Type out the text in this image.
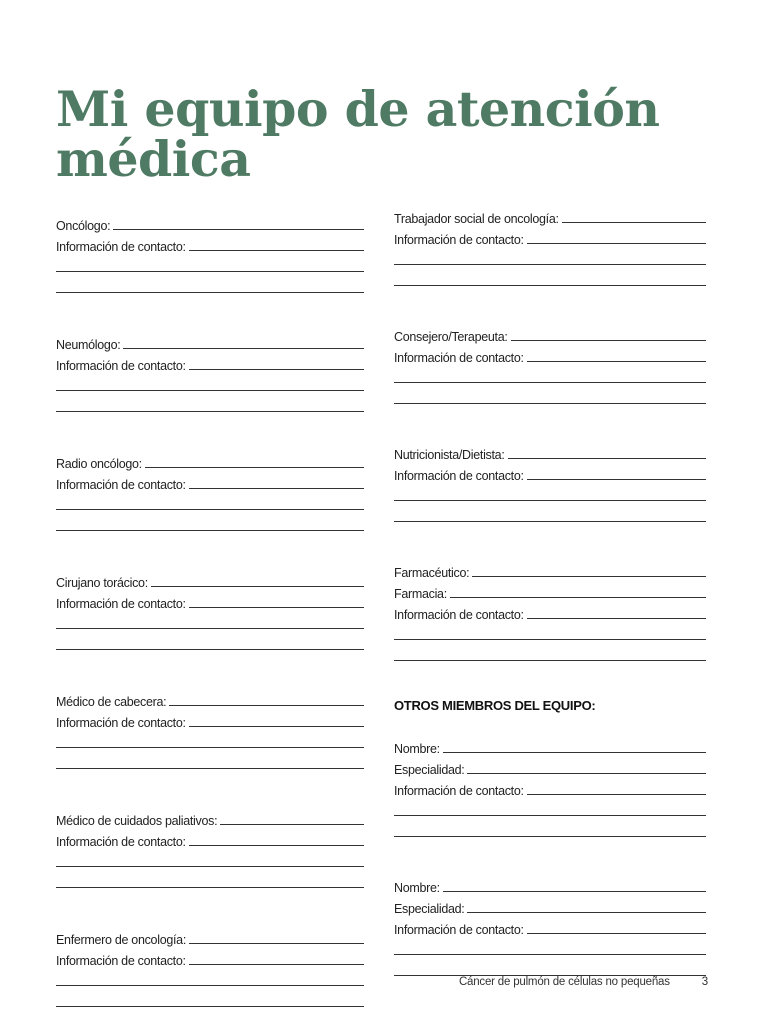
Mi equipo de atención médica
Oncólogo:
Información de contacto:
Neumólogo:
Información de contacto:
Radio oncólogo:
Información de contacto:
Cirujano torácico:
Información de contacto:
Médico de cabecera:
Información de contacto:
Médico de cuidados paliativos:
Información de contacto:
Enfermero de oncología:
Información de contacto:
Trabajador social de oncología:
Información de contacto:
Consejero/Terapeuta:
Información de contacto:
Nutricionista/Dietista:
Información de contacto:
Farmacéutico:
Farmacia:
Información de contacto:
OTROS MIEMBROS DEL EQUIPO:
Nombre:
Especialidad:
Información de contacto:
Nombre:
Especialidad:
Información de contacto:
Cáncer de pulmón de células no pequeñas	3
